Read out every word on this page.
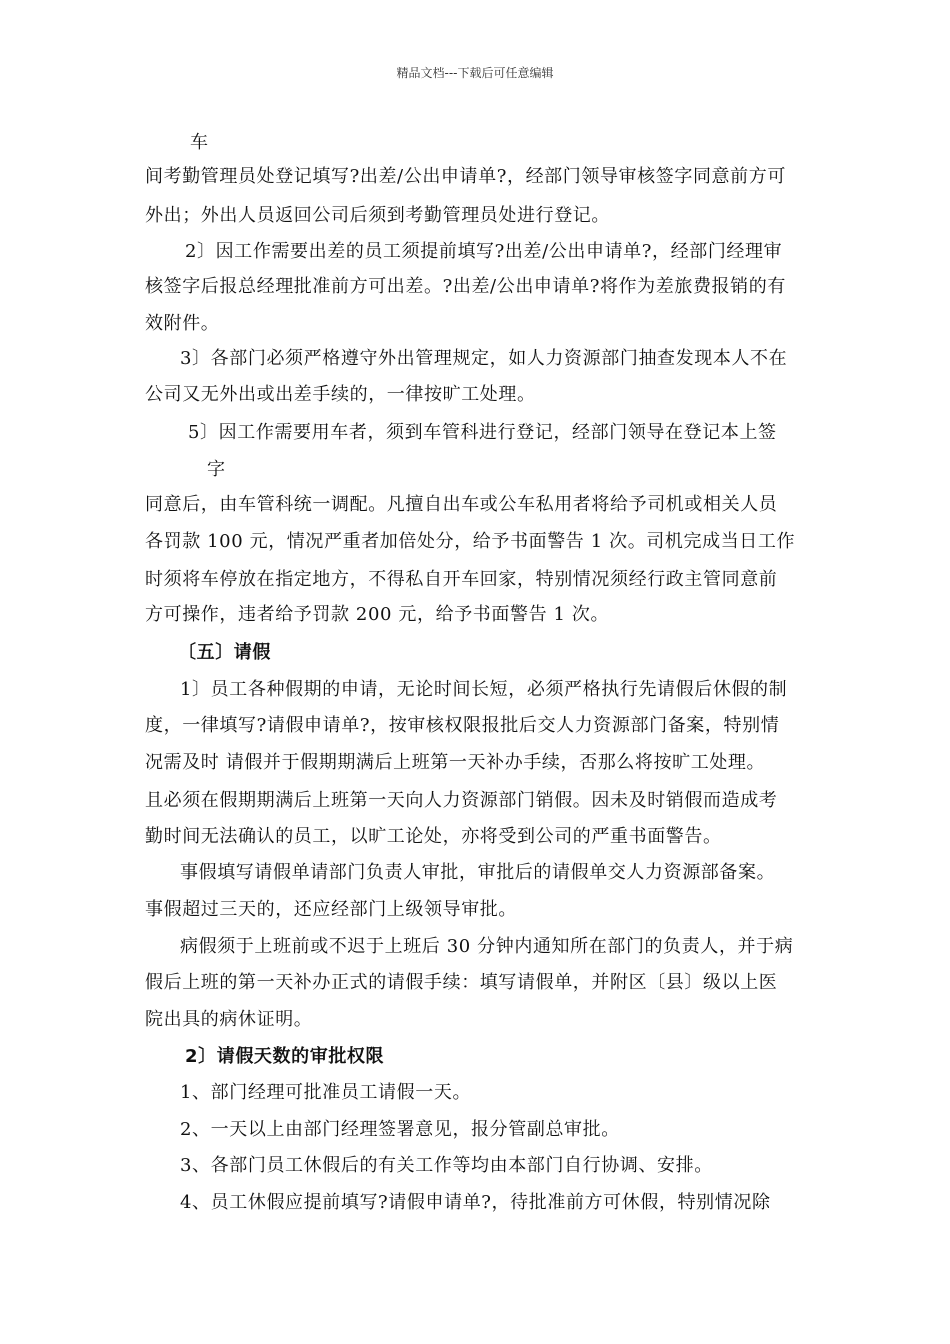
精品文档---下载后可任意编辑
车
间考勤管理员处登记填写?出差/公出申请单?，经部门领导审核签字同意前方可
外出；外出人员返回公司后须到考勤管理员处进行登记。
2〕因工作需要出差的员工须提前填写?出差/公出申请单?，经部门经理审
核签字后报总经理批准前方可出差。?出差/公出申请单?将作为差旅费报销的有
效附件。
3〕各部门必须严格遵守外出管理规定，如人力资源部门抽查发现本人不在
公司又无外出或出差手续的，一律按旷工处理。
5〕因工作需要用车者，须到车管科进行登记，经部门领导在登记本上签
字
同意后，由车管科统一调配。凡擅自出车或公车私用者将给予司机或相关人员
各罚款 100 元，情况严重者加倍处分，给予书面警告 1 次。司机完成当日工作
时须将车停放在指定地方，不得私自开车回家，特别情况须经行政主管同意前
方可操作，违者给予罚款 200 元，给予书面警告 1 次。
〔五〕请假
1〕员工各种假期的申请，无论时间长短，必须严格执行先请假后休假的制
度，一律填写?请假申请单?，按审核权限报批后交人力资源部门备案，特别情
况需及时 请假并于假期期满后上班第一天补办手续，否那么将按旷工处理。
且必须在假期期满后上班第一天向人力资源部门销假。因未及时销假而造成考
勤时间无法确认的员工，以旷工论处，亦将受到公司的严重书面警告。
事假填写请假单请部门负责人审批，审批后的请假单交人力资源部备案。
事假超过三天的，还应经部门上级领导审批。
病假须于上班前或不迟于上班后 30 分钟内通知所在部门的负责人，并于病
假后上班的第一天补办正式的请假手续：填写请假单，并附区〔县〕级以上医
院出具的病休证明。
2〕请假天数的审批权限
1、部门经理可批准员工请假一天。
2、一天以上由部门经理签署意见，报分管副总审批。
3、各部门员工休假后的有关工作等均由本部门自行协调、安排。
4、员工休假应提前填写?请假申请单?，待批准前方可休假，特别情况除
